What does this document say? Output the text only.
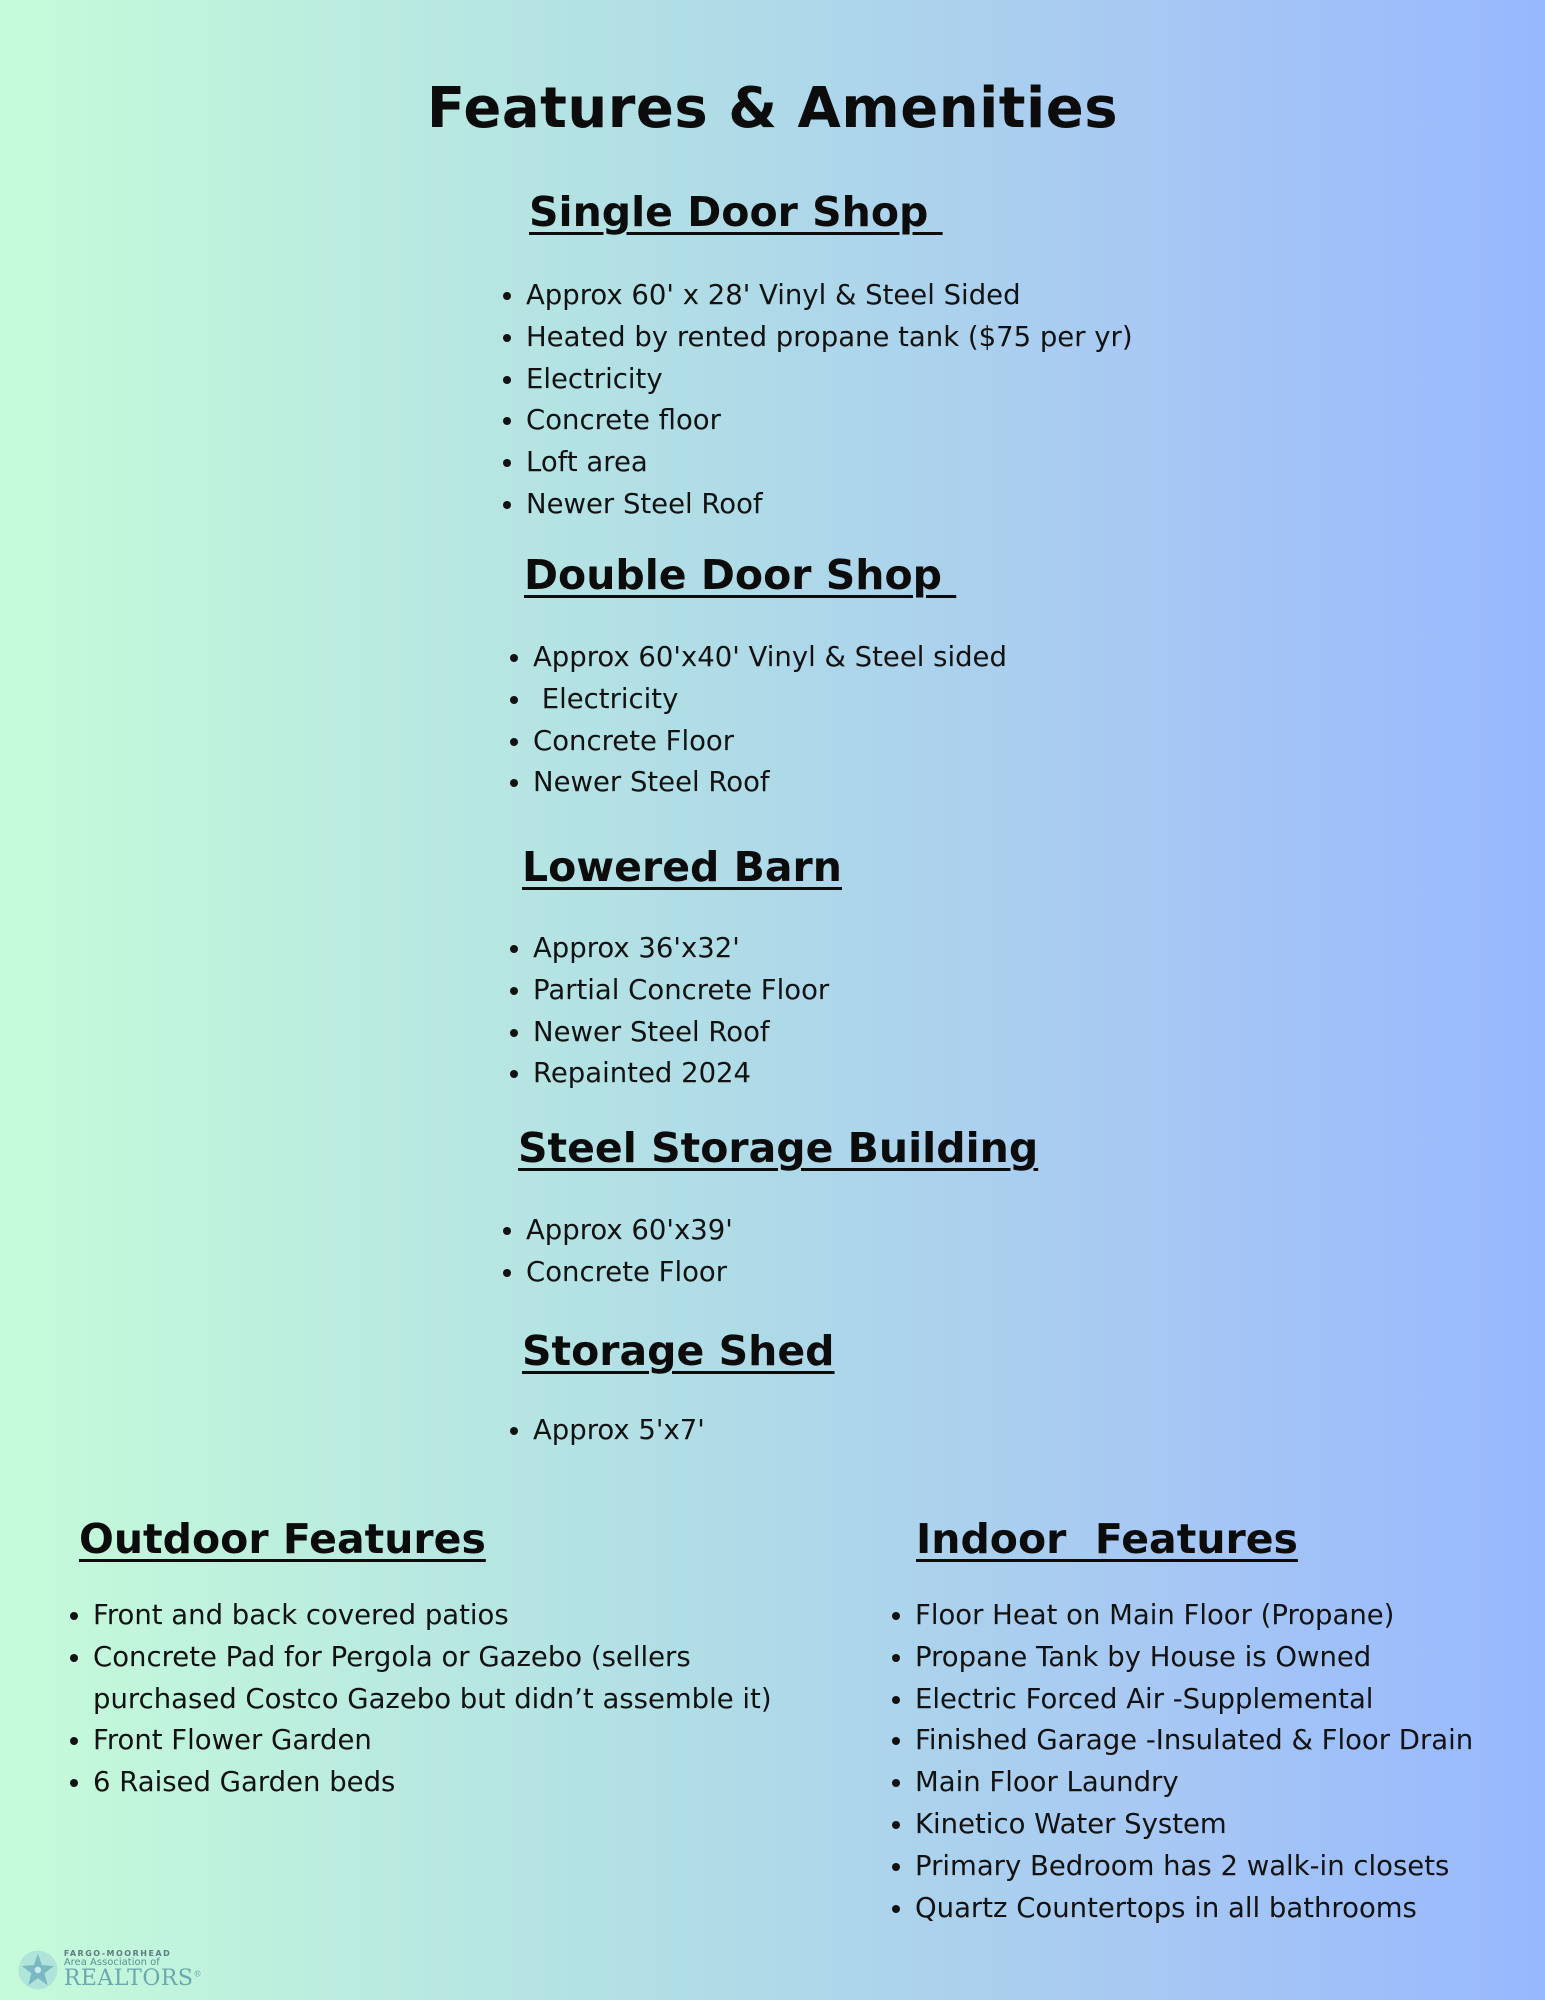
Features & Amenities
Single Door Shop
• Approx 60' x 28' Vinyl & Steel Sided
• Heated by rented propane tank ($75 per yr)
• Electricity
• Concrete floor
• Loft area
• Newer Steel Roof
Double Door Shop
• Approx 60'x40' Vinyl & Steel sided
•  Electricity
• Concrete Floor
• Newer Steel Roof
Lowered Barn
• Approx 36'x32'
• Partial Concrete Floor
• Newer Steel Roof
• Repainted 2024
Steel Storage Building
• Approx 60'x39'
• Concrete Floor
Storage Shed
• Approx 5'x7'
Outdoor Features
• Front and back covered patios
• Concrete Pad for Pergola or Gazebo (sellers purchased Costco Gazebo but didn’t assemble it)
• Front Flower Garden
• 6 Raised Garden beds
Indoor  Features
• Floor Heat on Main Floor (Propane)
• Propane Tank by House is Owned
• Electric Forced Air -Supplemental
• Finished Garage -Insulated & Floor Drain
• Main Floor Laundry
• Kinetico Water System
• Primary Bedroom has 2 walk-in closets
• Quartz Countertops in all bathrooms
FARGO-MOORHEAD
Area Association of
REALTORS®
